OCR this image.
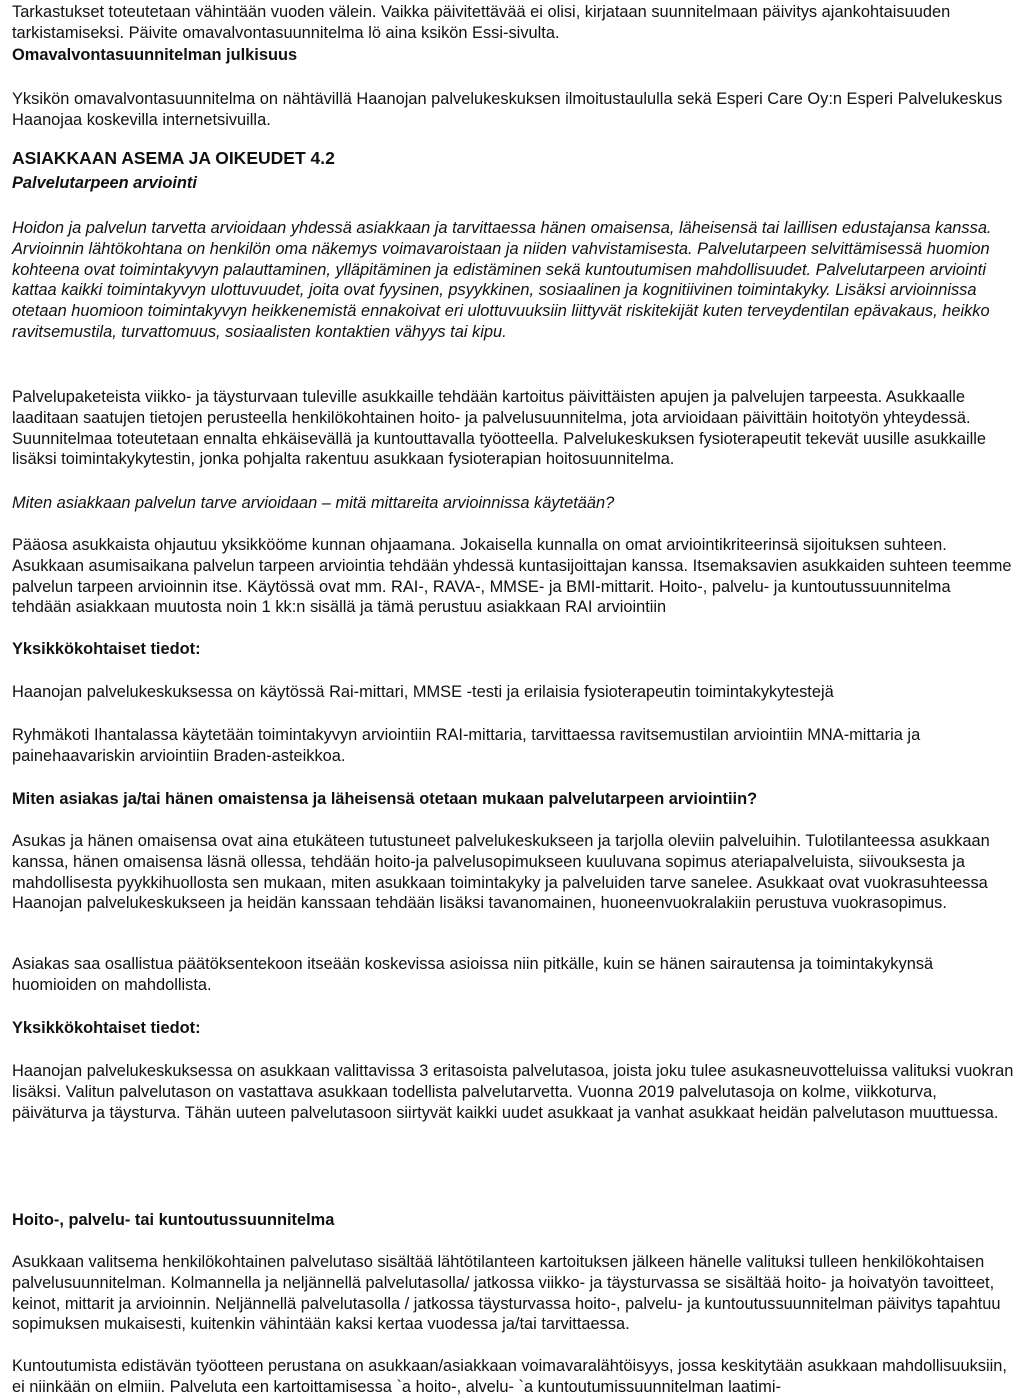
Tarkastukset toteutetaan vähintään vuoden välein. Vaikka päivitettävää ei olisi, kirjataan suunnitelmaan päivitys ajankohtaisuuden tarkistamiseksi. Päivite omavalvontasuunnitelma lö aina ksikön Essi-sivulta.

Omavalvontasuunnitelman julkisuus

Yksikön omavalvontasuunnitelma on nähtävillä Haanojan palvelukeskuksen ilmoitustaululla sekä Esperi Care Oy:n Esperi Palvelukeskus Haanojaa koskevilla internetsivuilla.

ASIAKKAAN ASEMA JA OIKEUDET 4.2

Palvelutarpeen arviointi

Hoidon ja palvelun tarvetta arvioidaan yhdessä asiakkaan ja tarvittaessa hänen omaisensa, läheisensä tai laillisen edustajansa kanssa. Arvioinnin lähtökohtana on henkilön oma näkemys voimavaroistaan ja niiden vahvistamisesta. Palvelutarpeen selvittämisessä huomion kohteena ovat toimintakyvyn palauttaminen, ylläpitäminen ja edistäminen sekä kuntoutumisen mahdollisuudet. Palvelutarpeen arviointi kattaa kaikki toimintakyvyn ulottuvuudet, joita ovat fyysinen, psyykkinen, sosiaalinen ja kognitiivinen toimintakyky. Lisäksi arvioinnissa otetaan huomioon toimintakyvyn heikkenemistä ennakoivat eri ulottuvuuksiin liittyvät riskitekijät kuten terveydentilan epävakaus, heikko ravitsemustila, turvattomuus, sosiaalisten kontaktien vähyys tai kipu.

Palvelupaketeista viikko- ja täysturvaan tuleville asukkaille tehdään kartoitus päivittäisten apujen ja palvelujen tarpeesta. Asukkaalle laaditaan saatujen tietojen perusteella henkilökohtainen hoito- ja palvelusuunnitelma, jota arvioidaan päivittäin hoitotyön yhteydessä. Suunnitelmaa toteutetaan ennalta ehkäisevällä ja kuntouttavalla työotteella. Palvelukeskuksen fysioterapeutit tekevät uusille asukkaille lisäksi toimintakykytestin, jonka pohjalta rakentuu asukkaan fysioterapian hoitosuunnitelma.

Miten asiakkaan palvelun tarve arvioidaan – mitä mittareita arvioinnissa käytetään?

Pääosa asukkaista ohjautuu yksikkööme kunnan ohjaamana. Jokaisella kunnalla on omat arviointikriteerinsä sijoituksen suhteen. Asukkaan asumisaikana palvelun tarpeen arviointia tehdään yhdessä kuntasijoittajan kanssa. Itsemaksavien asukkaiden suhteen teemme palvelun tarpeen arvioinnin itse. Käytössä ovat mm. RAI-, RAVA-, MMSE- ja BMI-mittarit. Hoito-, palvelu- ja kuntoutussuunnitelma tehdään asiakkaan muutosta noin 1 kk:n sisällä ja tämä perustuu asiakkaan RAI arviointiin

Yksikkökohtaiset tiedot:

Haanojan palvelukeskuksessa on käytössä Rai-mittari, MMSE -testi ja erilaisia fysioterapeutin toimintakykytestejä

Ryhmäkoti Ihantalassa käytetään toimintakyvyn arviointiin RAI-mittaria, tarvittaessa ravitsemustilan arviointiin MNA-mittaria ja painehaavariskin arviointiin Braden-asteikkoa.

Miten asiakas ja/tai hänen omaistensa ja läheisensä otetaan mukaan palvelutarpeen arviointiin?

Asukas ja hänen omaisensa ovat aina etukäteen tutustuneet palvelukeskukseen ja tarjolla oleviin palveluihin. Tulotilanteessa asukkaan kanssa, hänen omaisensa läsnä ollessa, tehdään hoito-ja palvelusopimukseen kuuluvana sopimus ateriapalveluista, siivouksesta ja mahdollisesta pyykkihuollosta sen mukaan, miten asukkaan toimintakyky ja palveluiden tarve sanelee. Asukkaat ovat vuokrasuhteessa Haanojan palvelukeskukseen ja heidän kanssaan tehdään lisäksi tavanomainen, huoneenvuokralakiin perustuva vuokrasopimus.

Asiakas saa osallistua päätöksentekoon itseään koskevissa asioissa niin pitkälle, kuin se hänen sairautensa ja toimintakykynsä huomioiden on mahdollista.

Yksikkökohtaiset tiedot:

Haanojan palvelukeskuksessa on asukkaan valittavissa 3 eritasoista palvelutasoa, joista joku tulee asukasneuvotteluissa valituksi vuokran lisäksi. Valitun palvelutason on vastattava asukkaan todellista palvelutarvetta. Vuonna 2019 palvelutasoja on kolme, viikkoturva, päiväturva ja täysturva. Tähän uuteen palvelutasoon siirtyvät kaikki uudet asukkaat ja vanhat asukkaat heidän palvelutason muuttuessa.

Hoito-, palvelu- tai kuntoutussuunnitelma

Asukkaan valitsema henkilökohtainen palvelutaso sisältää lähtötilanteen kartoituksen jälkeen hänelle valituksi tulleen henkilökohtaisen palvelusuunnitelman. Kolmannella ja neljännellä palvelutasolla/ jatkossa viikko- ja täysturvassa se sisältää hoito- ja hoivatyön tavoitteet, keinot, mittarit ja arvioinnin. Neljännellä palvelutasolla / jatkossa täysturvassa hoito-, palvelu- ja kuntoutussuunnitelman päivitys tapahtuu sopimuksen mukaisesti, kuitenkin vähintään kaksi kertaa vuodessa ja/tai tarvittaessa.

Kuntoutumista edistävän työotteen perustana on asukkaan/asiakkaan voimavaralähtöisyys, jossa keskitytään asukkaan mahdollisuuksiin, ei niinkään on elmiin. Palveluta een kartoittamisessa `a hoito-, alvelu- `a kuntoutumissuunnitelman laatimi-
